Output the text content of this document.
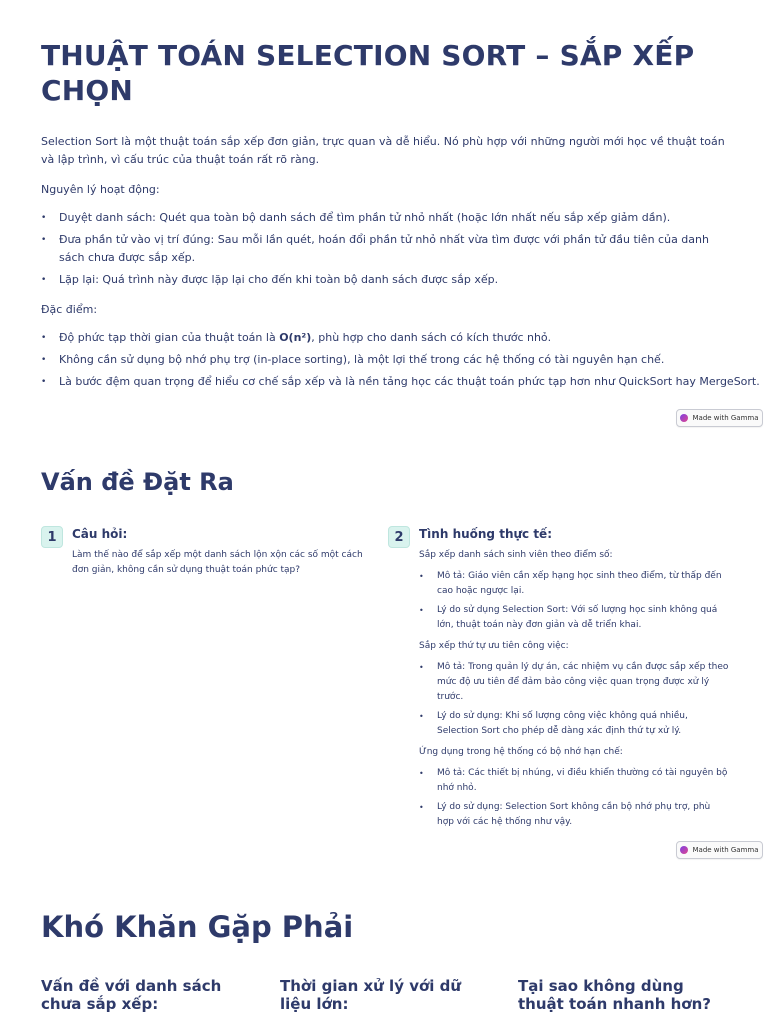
THUẬT TOÁN SELECTION SORT – SẮP XẾP CHỌN

Selection Sort là một thuật toán sắp xếp đơn giản, trực quan và dễ hiểu. Nó phù hợp với những người mới học về thuật toán và lập trình, vì cấu trúc của thuật toán rất rõ ràng.

Nguyên lý hoạt động:

• Duyệt danh sách: Quét qua toàn bộ danh sách để tìm phần tử nhỏ nhất (hoặc lớn nhất nếu sắp xếp giảm dần).
• Đưa phần tử vào vị trí đúng: Sau mỗi lần quét, hoán đổi phần tử nhỏ nhất vừa tìm được với phần tử đầu tiên của danh sách chưa được sắp xếp.
• Lặp lại: Quá trình này được lặp lại cho đến khi toàn bộ danh sách được sắp xếp.

Đặc điểm:

• Độ phức tạp thời gian của thuật toán là O(n²), phù hợp cho danh sách có kích thước nhỏ.
• Không cần sử dụng bộ nhớ phụ trợ (in-place sorting), là một lợi thế trong các hệ thống có tài nguyên hạn chế.
• Là bước đệm quan trọng để hiểu cơ chế sắp xếp và là nền tảng học các thuật toán phức tạp hơn như QuickSort hay MergeSort.
Made with Gamma
Vấn đề Đặt Ra
1	Câu hỏi:
Làm thế nào để sắp xếp một danh sách lộn xộn các số một cách đơn giản, không cần sử dụng thuật toán phức tạp?
2	Tình huống thực tế:
Sắp xếp danh sách sinh viên theo điểm số:
• Mô tả: Giáo viên cần xếp hạng học sinh theo điểm, từ thấp đến cao hoặc ngược lại.
• Lý do sử dụng Selection Sort: Với số lượng học sinh không quá lớn, thuật toán này đơn giản và dễ triển khai.
Sắp xếp thứ tự ưu tiên công việc:
• Mô tả: Trong quản lý dự án, các nhiệm vụ cần được sắp xếp theo mức độ ưu tiên để đảm bảo công việc quan trọng được xử lý trước.
• Lý do sử dụng: Khi số lượng công việc không quá nhiều, Selection Sort cho phép dễ dàng xác định thứ tự xử lý.
Ứng dụng trong hệ thống có bộ nhớ hạn chế:
• Mô tả: Các thiết bị nhúng, vi điều khiển thường có tài nguyên bộ nhớ nhỏ.
• Lý do sử dụng: Selection Sort không cần bộ nhớ phụ trợ, phù hợp với các hệ thống như vậy.
Made with Gamma
Khó Khăn Gặp Phải
Vấn đề với danh sách chưa sắp xếp:
Thời gian xử lý với dữ liệu lớn:
Tại sao không dùng thuật toán nhanh hơn?
